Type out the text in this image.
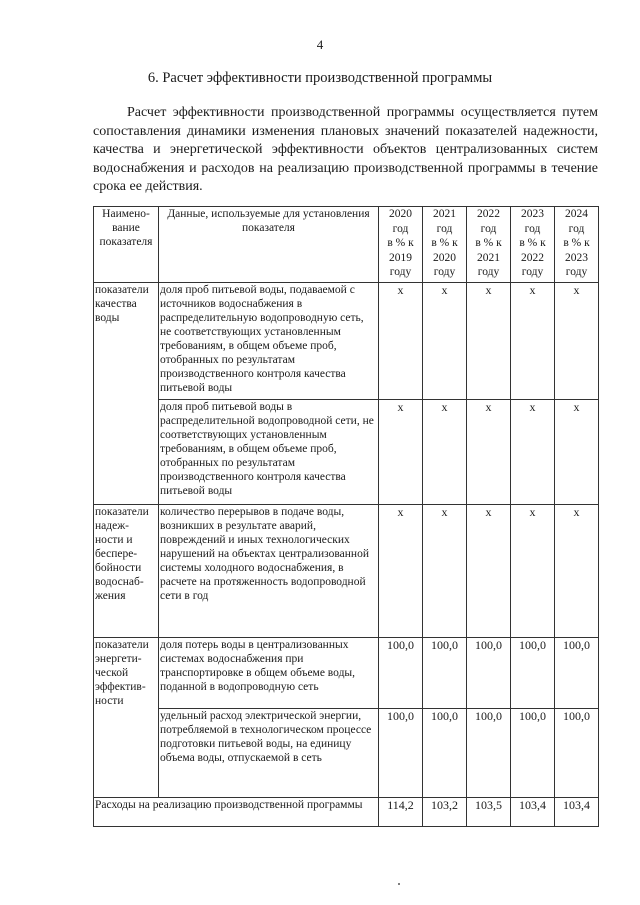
4
6. Расчет эффективности производственной программы
Расчет эффективности производственной программы осуществляется путем сопоставления динамики изменения плановых значений показателей надежности, качества и энергетической эффективности объектов централизованных систем водоснабжения и расходов на реализацию производственной программы в течение срока ее действия.
Наимено-вание показателя	Данные, используемые для установления показателя	2020
год
в % к
2019
году	2021
год
в % к
2020
году	2022
год
в % к
2021
году	2023
год
в % к
2022
году	2024
год
в % к
2023
году
показатели качества воды	доля проб питьевой воды, подаваемой с источников водоснабжения в распределительную водопроводную сеть, не соответствующих установленным требованиям, в общем объеме проб, отобранных по результатам производственного контроля качества питьевой воды	x	x	x	x	x
	доля проб питьевой воды в распределительной водопроводной сети, не соответствующих установленным требованиям, в общем объеме проб, отобранных по результатам производственного контроля качества питьевой воды	x	x	x	x	x
показатели надеж-ности и беспере-бойности водоснаб-жения	количество перерывов в подаче воды, возникших в результате аварий, повреждений и иных технологических нарушений на объектах централизованной системы холодного водоснабжения, в расчете на протяженность водопроводной сети в год	x	x	x	x	x
показатели энергети-ческой эффектив-ности	доля потерь воды в централизованных системах водоснабжения при транспортировке в общем объеме воды, поданной в водопроводную сеть	100,0	100,0	100,0	100,0	100,0
	удельный расход электрической энергии, потребляемой в технологическом процессе подготовки питьевой воды, на единицу объема воды, отпускаемой в сеть	100,0	100,0	100,0	100,0	100,0
Расходы на реализацию производственной программы		114,2	103,2	103,5	103,4	103,4
